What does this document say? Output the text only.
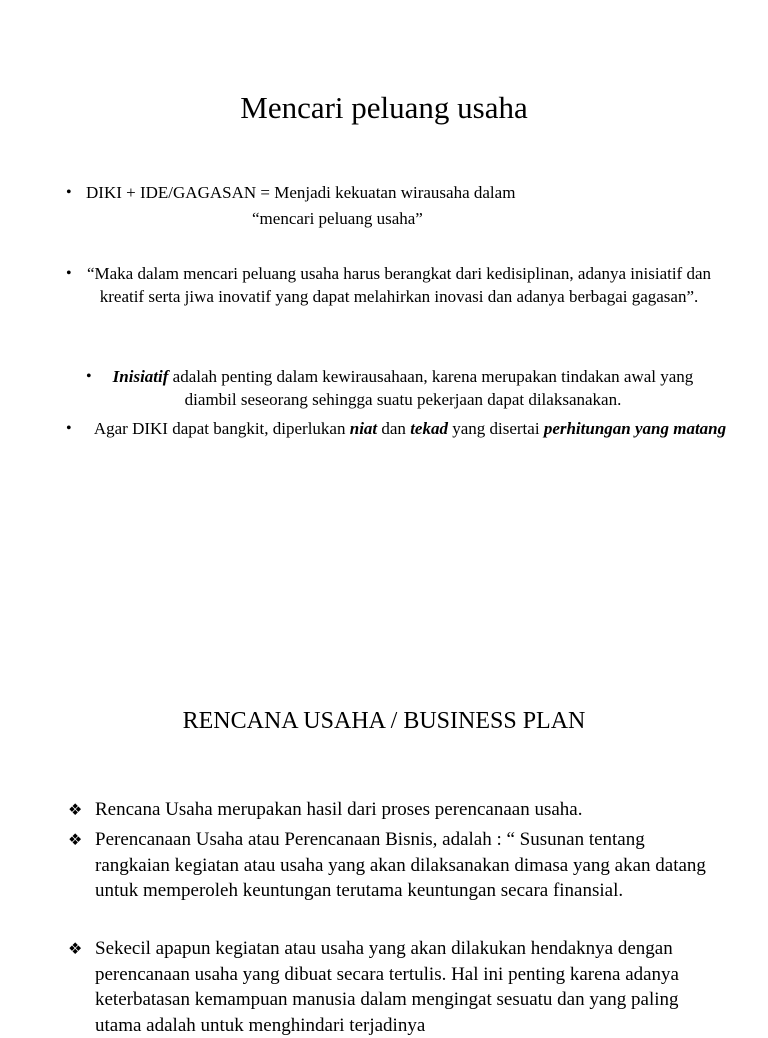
Mencari peluang usaha
• DIKI + IDE/GAGASAN = Menjadi kekuatan wirausaha dalam
“mencari peluang usaha”
• “Maka dalam mencari peluang usaha harus berangkat dari kedisiplinan, adanya inisiatif dan kreatif serta jiwa inovatif yang dapat melahirkan inovasi dan adanya berbagai gagasan”.
•	Inisiatif adalah penting dalam kewirausahaan, karena merupakan tindakan awal yang diambil seseorang sehingga suatu pekerjaan dapat dilaksanakan.
•	Agar DIKI dapat bangkit, diperlukan niat dan tekad yang disertai perhitungan yang matang
RENCANA USAHA / BUSINESS PLAN
❖ Rencana Usaha merupakan hasil dari proses perencanaan usaha.
❖ Perencanaan Usaha atau Perencanaan Bisnis, adalah : “ Susunan tentang rangkaian kegiatan atau usaha yang akan dilaksanakan dimasa yang akan datang untuk memperoleh keuntungan terutama keuntungan secara finansial.
❖ Sekecil apapun kegiatan atau usaha yang akan dilakukan hendaknya dengan perencanaan usaha yang dibuat secara tertulis. Hal ini penting karena adanya keterbatasan kemampuan manusia dalam mengingat sesuatu dan yang paling utama adalah untuk menghindari terjadinya
